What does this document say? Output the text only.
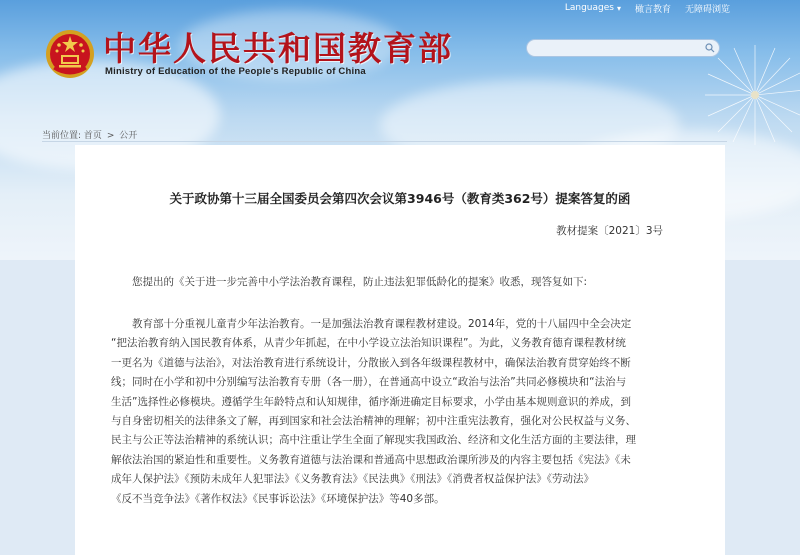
Languages ▾ 橄言教育 无障碍浏览
中华人民共和国教育部
Ministry of Education of the People's Republic of China
当前位置: 首页 > 公开
关于政协第十三届全国委员会第四次会议第3946号（教育类362号）提案答复的函
教材提案〔2021〕3号
您提出的《关于进一步完善中小学法治教育课程，防止违法犯罪低龄化的提案》收悉，现答复如下:
教育部十分重视儿童青少年法治教育。一是加强法治教育课程教材建设。2014年，党的十八届四中全会决定
“把法治教育纳入国民教育体系，从青少年抓起，在中小学设立法治知识课程”。为此，义务教育德育课程教材统
一更名为《道德与法治》，对法治教育进行系统设计，分散嵌入到各年级课程教材中，确保法治教育贯穿始终不断
线；同时在小学和初中分别编写法治教育专册（各一册），在普通高中设立“政治与法治”共同必修模块和“法治与
生活”选择性必修模块。遵循学生年龄特点和认知规律，循序渐进确定目标要求，小学由基本规则意识的养成，到
与自身密切相关的法律条文了解，再到国家和社会法治精神的理解；初中注重宪法教育，强化对公民权益与义务、
民主与公正等法治精神的系统认识；高中注重让学生全面了解现实我国政治、经济和文化生活方面的主要法律，理
解依法治国的紧迫性和重要性。义务教育道德与法治课和普通高中思想政治课所涉及的内容主要包括《宪法》《未
成年人保护法》《预防未成年人犯罪法》《义务教育法》《民法典》《刑法》《消费者权益保护法》《劳动法》
《反不当竞争法》《著作权法》《民事诉讼法》《环境保护法》等40多部。
